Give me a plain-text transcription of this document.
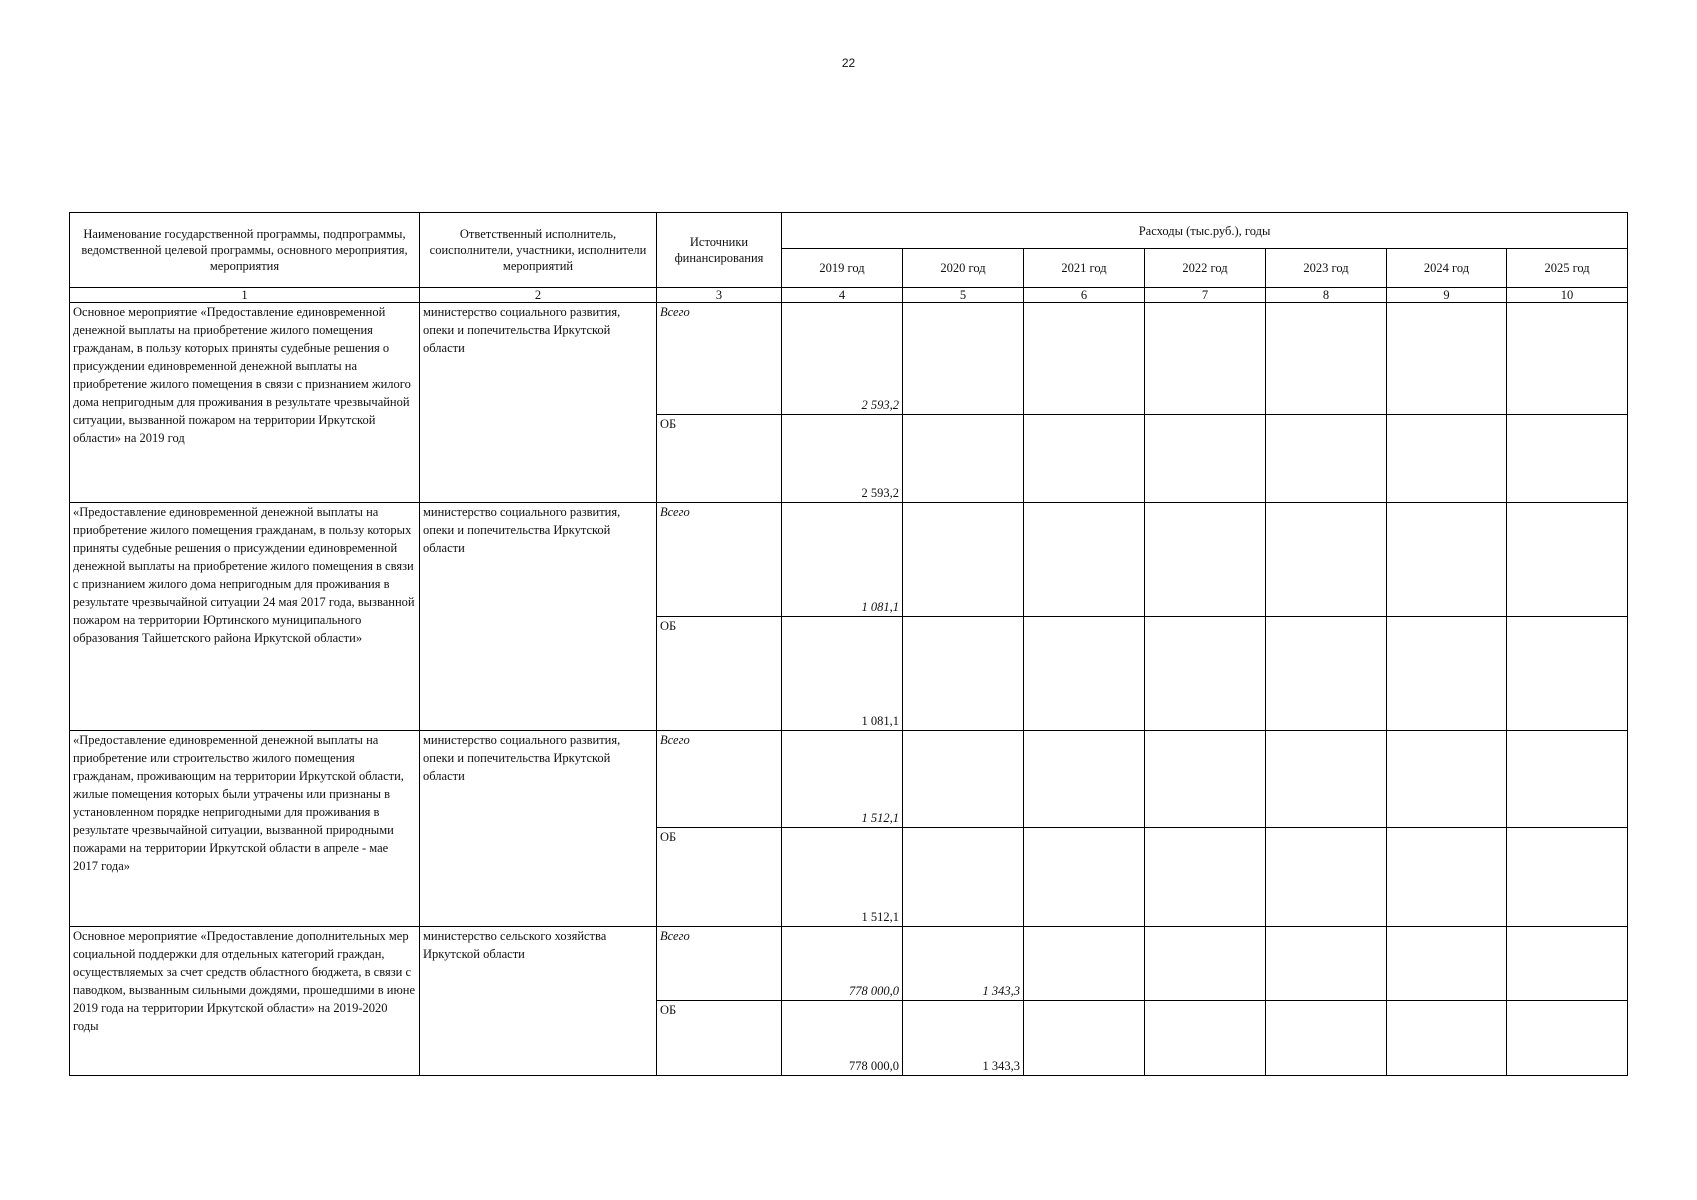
22
Наименование государственной программы, подпрограммы, ведомственной целевой программы, основного мероприятия, мероприятия	Ответственный исполнитель, соисполнители, участники, исполнители мероприятий	Источники финансирования	Расходы (тыс.руб.), годы						
			2019 год	2020 год	2021 год	2022 год	2023 год	2024 год	2025 год
1	2	3	4	5	6	7	8	9	10
Основное мероприятие «Предоставление единовременной денежной выплаты на приобретение жилого помещения гражданам, в пользу которых приняты судебные решения о присуждении единовременной денежной выплаты на приобретение жилого помещения в связи с признанием жилого дома непригодным для проживания в результате чрезвычайной ситуации, вызванной пожаром на территории Иркутской области» на 2019 год	министерство социального развития, опеки и попечительства Иркутской области	Всего	2 593,2						
		ОБ	2 593,2						
«Предоставление единовременной денежной выплаты на приобретение жилого помещения гражданам, в пользу которых приняты судебные решения о присуждении единовременной денежной выплаты на приобретение жилого помещения в связи с признанием жилого дома непригодным для проживания в результате чрезвычайной ситуации 24 мая 2017 года, вызванной пожаром на территории Юртинского муниципального образования Тайшетского района Иркутской области»	министерство социального развития, опеки и попечительства Иркутской области	Всего	1 081,1						
		ОБ	1 081,1						
«Предоставление единовременной денежной выплаты на приобретение или строительство жилого помещения гражданам, проживающим на территории Иркутской области, жилые помещения которых были утрачены или признаны в установленном порядке непригодными для проживания в результате чрезвычайной ситуации, вызванной природными пожарами на территории Иркутской области в апреле - мае 2017 года»	министерство социального развития, опеки и попечительства Иркутской области	Всего	1 512,1						
		ОБ	1 512,1						
Основное мероприятие «Предоставление дополнительных мер социальной поддержки для отдельных категорий граждан, осуществляемых за счет средств областного бюджета, в связи с паводком, вызванным сильными дождями, прошедшими в июне 2019 года на территории Иркутской области» на 2019-2020 годы	министерство сельского хозяйства Иркутской области	Всего	778 000,0	1 343,3					
		ОБ	778 000,0	1 343,3					
